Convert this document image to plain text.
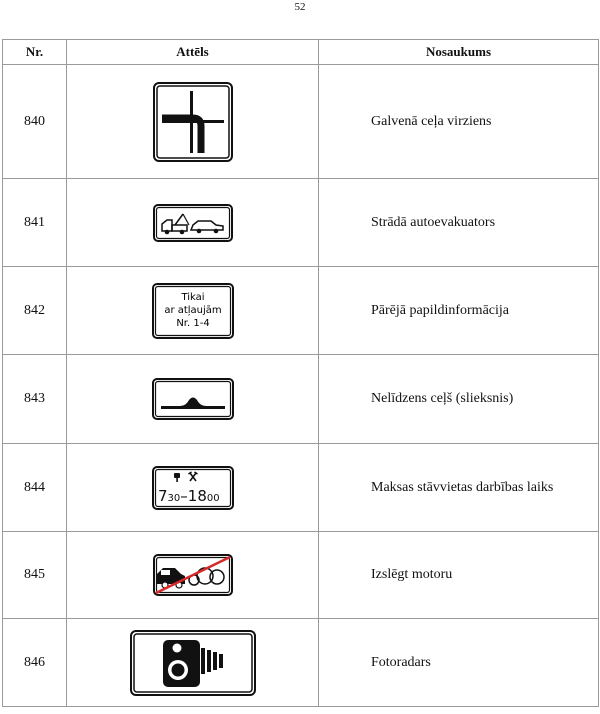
52
Nr.	Attēls	Nosaukums
840		Galvenā ceļa virziens
841		Strādā autoevakuators
842	Tikai
ar atļaujām
Nr. 1-4	Pārējā papildinformācija
843		Nelīdzens ceļš (slieksnis)
844	730–1800	Maksas stāvvietas darbības laiks
845		Izslēgt motoru
846		Fotoradars
